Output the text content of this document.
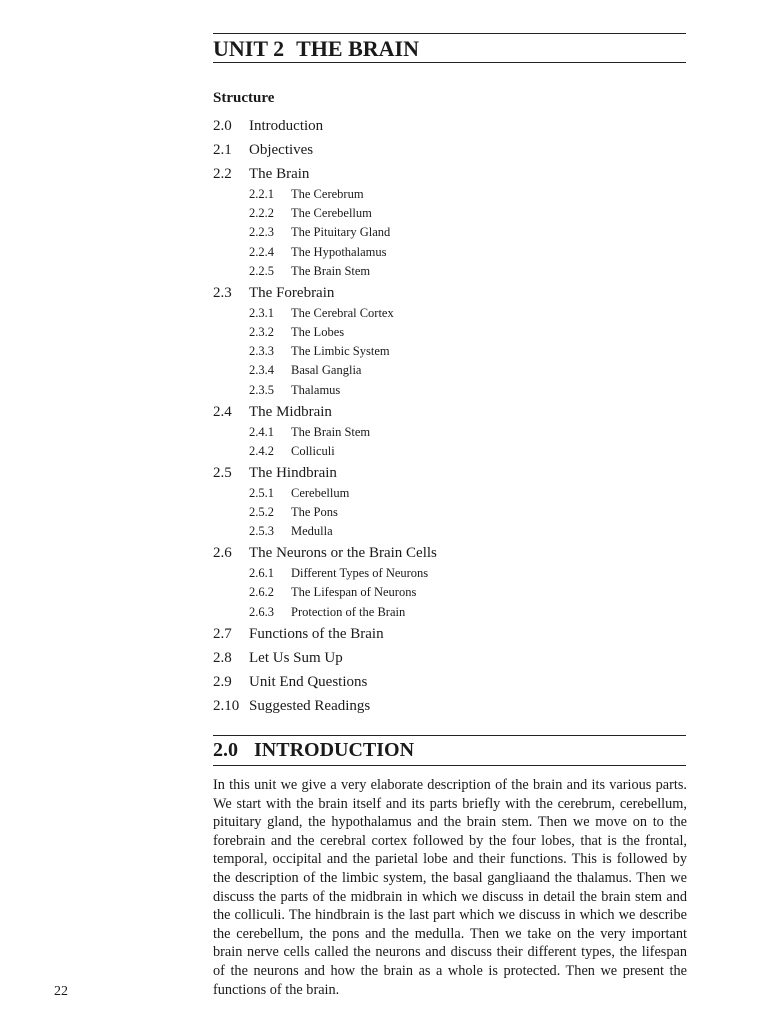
UNIT 2 THE BRAIN
Structure
2.0 Introduction
2.1 Objectives
2.2 The Brain
2.2.1 The Cerebrum
2.2.2 The Cerebellum
2.2.3 The Pituitary Gland
2.2.4 The Hypothalamus
2.2.5 The Brain Stem
2.3 The Forebrain
2.3.1 The Cerebral Cortex
2.3.2 The Lobes
2.3.3 The Limbic System
2.3.4 Basal Ganglia
2.3.5 Thalamus
2.4 The Midbrain
2.4.1 The Brain Stem
2.4.2 Colliculi
2.5 The Hindbrain
2.5.1 Cerebellum
2.5.2 The Pons
2.5.3 Medulla
2.6 The Neurons or the Brain Cells
2.6.1 Different Types of Neurons
2.6.2 The Lifespan of Neurons
2.6.3 Protection of the Brain
2.7 Functions of the Brain
2.8 Let Us Sum Up
2.9 Unit End Questions
2.10 Suggested Readings
2.0 INTRODUCTION

In this unit we give a very elaborate description of the brain and its various parts. We start with the brain itself and its parts briefly with the cerebrum, cerebellum, pituitary gland, the hypothalamus and the brain stem. Then we move on to the forebrain and the cerebral cortex followed by the four lobes, that is the frontal, temporal, occipital and the parietal lobe and their functions. This is followed by the description of the limbic system, the basal gangliaand the thalamus. Then we discuss the parts of the midbrain in which we discuss in detail the brain stem and the colliculi. The hindbrain is the last part which we discuss in which we describe the cerebellum, the pons and the medulla. Then we take on the very important brain nerve cells called the neurons and discuss their different types, the lifespan of the neurons and how the brain as a whole is protected. Then we present the functions of the brain.

22
